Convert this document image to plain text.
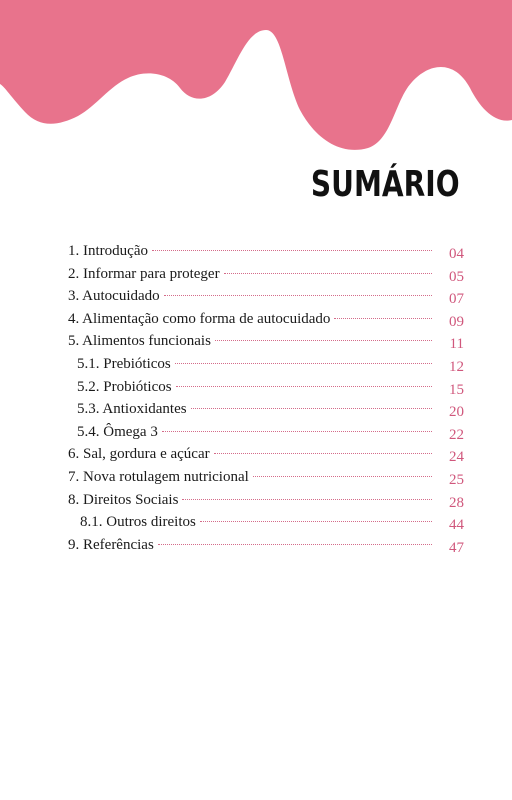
SUMÁRIO
1. Introdução	04
2. Informar para proteger	05
3. Autocuidado	07
4. Alimentação como forma de autocuidado	09
5. Alimentos funcionais	11
5.1. Prebióticos	12
5.2. Probióticos	15
5.3. Antioxidantes	20
5.4. Ômega 3	22
6. Sal, gordura e açúcar	24
7. Nova rotulagem nutricional	25
8. Direitos Sociais	28
8.1. Outros direitos	44
9. Referências	47
